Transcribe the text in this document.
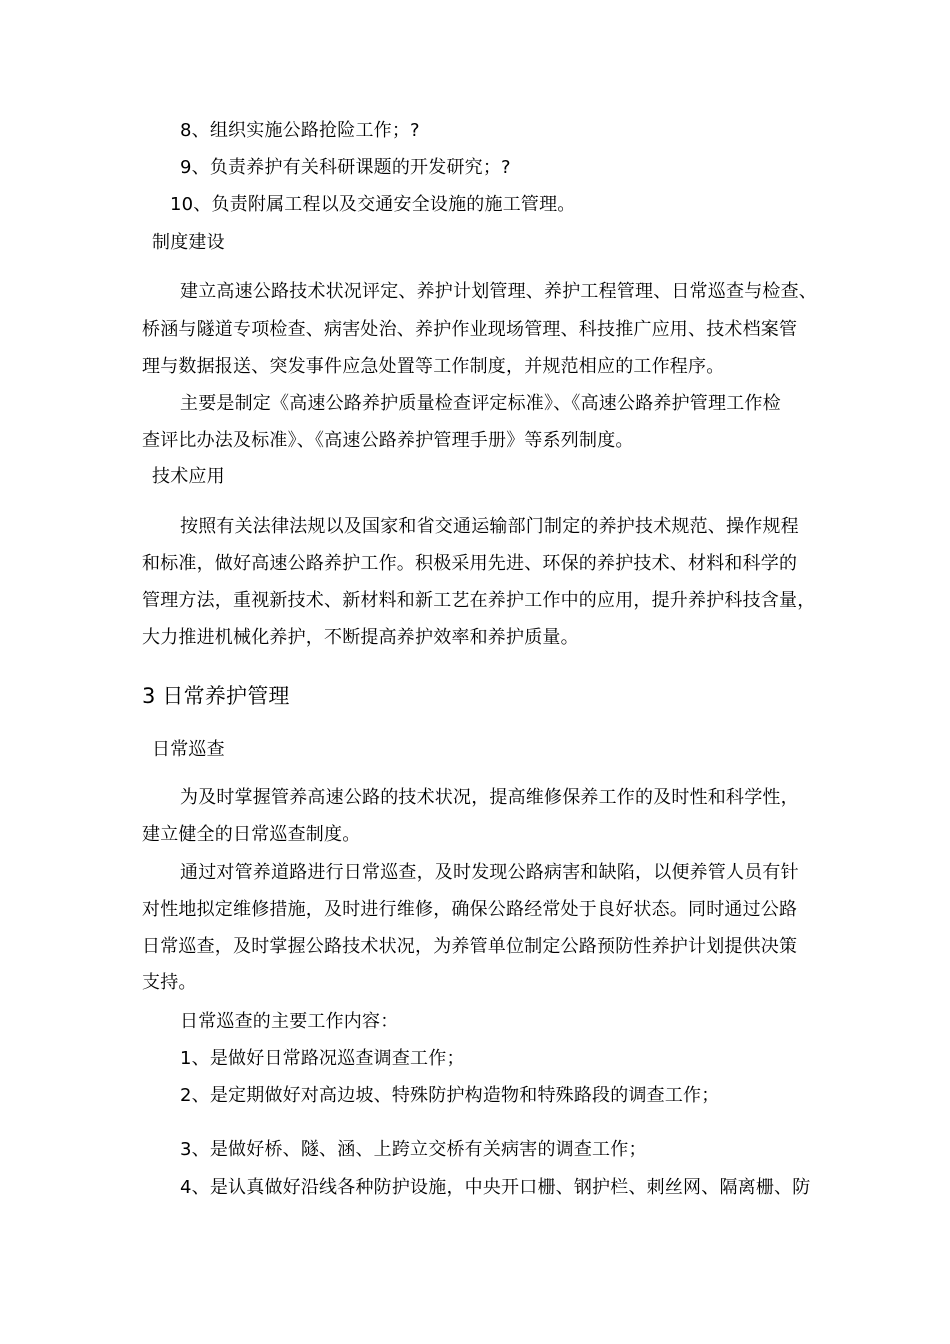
8、组织实施公路抢险工作；?
9、负责养护有关科研课题的开发研究；?
10、负责附属工程以及交通安全设施的施工管理。
制度建设
建立高速公路技术状况评定、养护计划管理、养护工程管理、日常巡查与检查、
桥涵与隧道专项检查、病害处治、养护作业现场管理、科技推广应用、技术档案管
理与数据报送、突发事件应急处置等工作制度，并规范相应的工作程序。
主要是制定《高速公路养护质量检查评定标准》、《高速公路养护管理工作检
查评比办法及标准》、《高速公路养护管理手册》等系列制度。
技术应用
按照有关法律法规以及国家和省交通运输部门制定的养护技术规范、操作规程
和标准，做好高速公路养护工作。积极采用先进、环保的养护技术、材料和科学的
管理方法，重视新技术、新材料和新工艺在养护工作中的应用，提升养护科技含量，
大力推进机械化养护，不断提高养护效率和养护质量。
3 日常养护管理
日常巡查
为及时掌握管养高速公路的技术状况，提高维修保养工作的及时性和科学性，
建立健全的日常巡查制度。
通过对管养道路进行日常巡查，及时发现公路病害和缺陷，以便养管人员有针
对性地拟定维修措施，及时进行维修，确保公路经常处于良好状态。同时通过公路
日常巡查，及时掌握公路技术状况，为养管单位制定公路预防性养护计划提供决策
支持。
日常巡查的主要工作内容：
1、是做好日常路况巡查调查工作；
2、是定期做好对高边坡、特殊防护构造物和特殊路段的调查工作；
3、是做好桥、隧、涵、上跨立交桥有关病害的调查工作；
4、是认真做好沿线各种防护设施，中央开口栅、钢护栏、刺丝网、隔离栅、防
